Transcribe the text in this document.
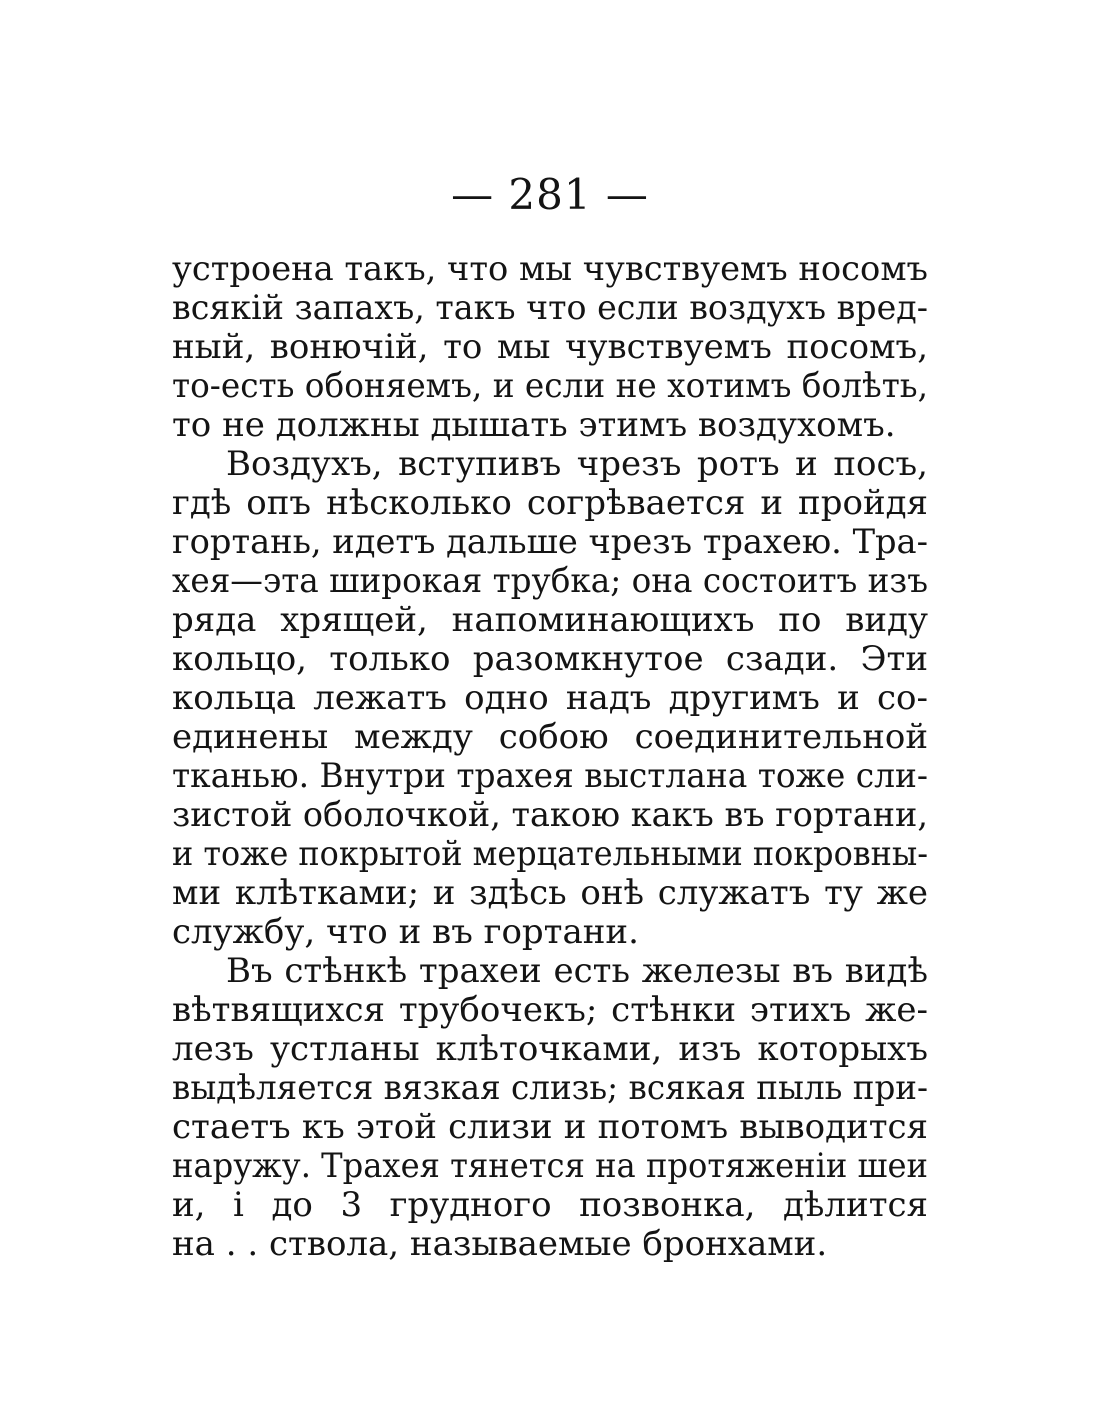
— 281 —
устроена такъ, что мы чувствуемъ носомъ
всякій запахъ, такъ что если воздухъ вред-
ный, вонючій, то мы чувствуемъ посомъ,
то-есть обоняемъ, и если не хотимъ болѣть,
то не должны дышать этимъ воздухомъ.
Воздухъ, вступивъ чрезъ ротъ и посъ,
гдѣ опъ нѣсколько согрѣвается и пройдя
гортань, идетъ дальше чрезъ трахею. Тра-
хея—эта широкая трубка; она состоитъ изъ
ряда хрящей, напоминающихъ по виду
кольцо, только разомкнутое сзади. Эти
кольца лежатъ одно надъ другимъ и со-
единены между собою соединительной
тканью. Внутри трахея выстлана тоже сли-
зистой оболочкой, такою какъ въ гортани,
и тоже покрытой мерцательными покровны-
ми клѣтками; и здѣсь онѣ служатъ ту же
службу, что и въ гортани.
Въ стѣнкѣ трахеи есть железы въ видѣ
вѣтвящихся трубочекъ; стѣнки этихъ же-
лезъ устланы клѣточками, изъ которыхъ
выдѣляется вязкая слизь; всякая пыль при-
стаетъ къ этой слизи и потомъ выводится
наружу. Трахея тянется на протяженіи шеи
и, і до 3 грудного позвонка, дѣлится
на . . ствола, называемые бронхами.
